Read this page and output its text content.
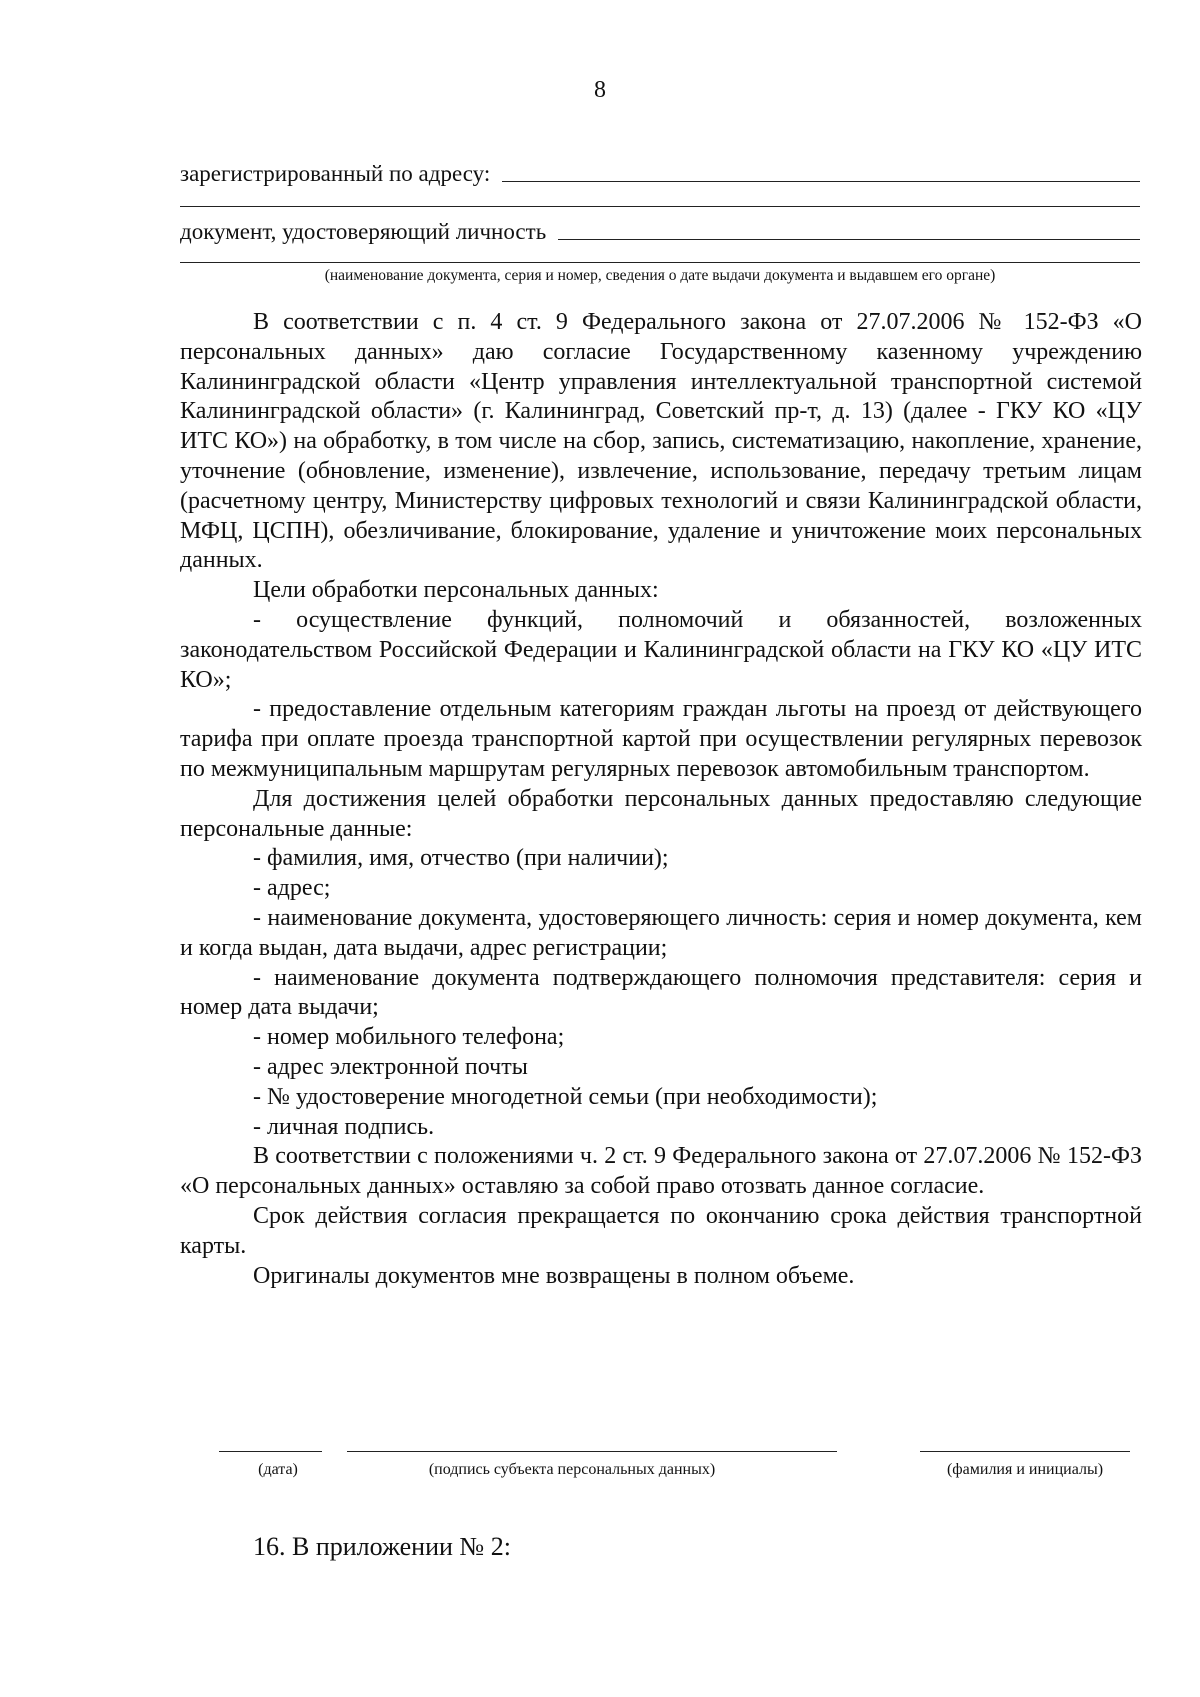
8
зарегистрированный по адресу:
документ, удостоверяющий личность
(наименование документа, серия и номер, сведения о дате выдачи документа и выдавшем его органе)

В соответствии с п. 4 ст. 9 Федерального закона от 27.07.2006 № 152-ФЗ «О персональных данных» даю согласие Государственному казенному учреждению Калининградской области «Центр управления интеллектуальной транспортной системой Калининградской области» (г. Калининград, Советский пр-т, д. 13) (далее - ГКУ КО «ЦУ ИТС КО») на обработку, в том числе на сбор, запись, систематизацию, накопление, хранение, уточнение (обновление, изменение), извлечение, использование, передачу третьим лицам (расчетному центру, Министерству цифровых технологий и связи Калининградской области, МФЦ, ЦСПН), обезличивание, блокирование, удаление и уничтожение моих персональных данных.

Цели обработки персональных данных:

- осуществление функций, полномочий и обязанностей, возложенных законодательством Российской Федерации и Калининградской области на ГКУ КО «ЦУ ИТС КО»;

- предоставление отдельным категориям граждан льготы на проезд от действующего тарифа при оплате проезда транспортной картой при осуществлении регулярных перевозок по межмуниципальным маршрутам регулярных перевозок автомобильным транспортом.

Для достижения целей обработки персональных данных предоставляю следующие персональные данные:

- фамилия, имя, отчество (при наличии);

- адрес;

- наименование документа, удостоверяющего личность: серия и номер документа, кем и когда выдан, дата выдачи, адрес регистрации;

- наименование документа подтверждающего полномочия представителя: серия и номер дата выдачи;

- номер мобильного телефона;

- адрес электронной почты

- № удостоверение многодетной семьи (при необходимости);

- личная подпись.

В соответствии с положениями ч. 2 ст. 9 Федерального закона от 27.07.2006 № 152-ФЗ «О персональных данных» оставляю за собой право отозвать данное согласие.

Срок действия согласия прекращается по окончанию срока действия транспортной карты.

Оригиналы документов мне возвращены в полном объеме.

(дата)	(подпись субъекта персональных данных)	(фамилия и инициалы)
16. В приложении № 2:
